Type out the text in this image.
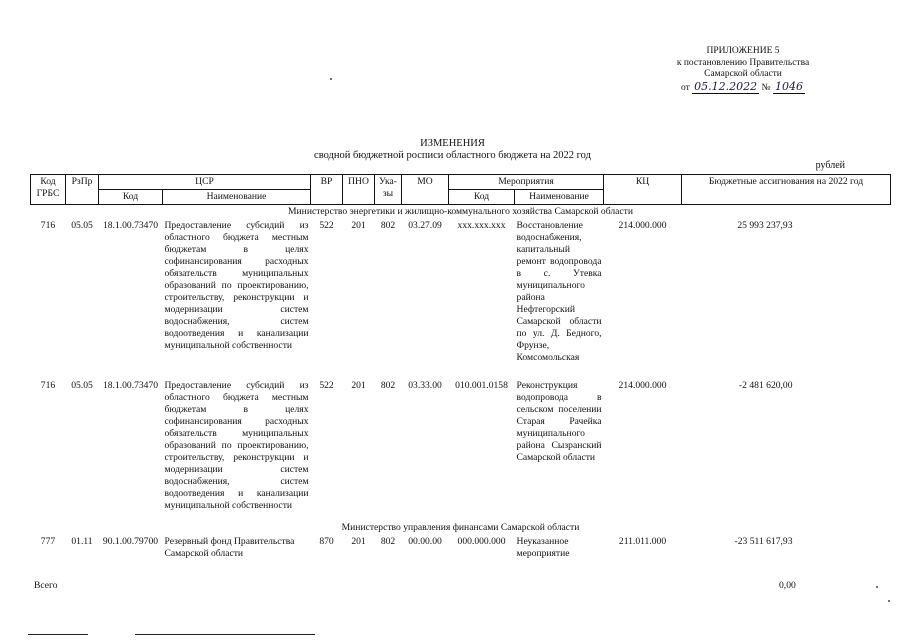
ПРИЛОЖЕНИЕ 5
к постановлению Правительства
Самарской области
от 05.12.2022 № 1046
ИЗМЕНЕНИЯ
сводной бюджетной росписи областного бюджета на 2022 год
рублей
Код ГРБС	РзПр	ЦСР		ВР	ПНО	Ука-зы	МО	Мероприятия		КЦ	Бюджетные ассигнования на 2022 год
		Код	Наименование					Код	Наименование		
Министерство энергетики и жилищно-коммунального хозяйства Самарской области											
716	05.05	18.1.00.73470	Предоставление субсидий из областного бюджета местным бюджетам в целях софинансирования расходных обязательств муниципальных образований по проектированию, строительству, реконструкции и модернизации систем водоснабжения, систем водоотведения и канализации муниципальной собственности	522	201	802	03.27.09	ххх.ххх.ххх	Восстановление водоснабжения, капитальный ремонт водопровода в с. Утевка муниципального района Нефтегорский Самарской области по ул. Д. Бедного, Фрунзе, Комсомольская	214.000.000	25 993 237,93
716	05.05	18.1.00.73470	Предоставление субсидий из областного бюджета местным бюджетам в целях софинансирования расходных обязательств муниципальных образований по проектированию, строительству, реконструкции и модернизации систем водоснабжения, систем водоотведения и канализации муниципальной собственности	522	201	802	03.33.00	010.001.0158	Реконструкция водопровода в сельском поселении Старая Рачейка муниципального района Сызранский Самарской области	214.000.000	-2 481 620,00
Министерство управления финансами Самарской области											
777	01.11	90.1.00.79700	Резервный фонд Правительства Самарской области	870	201	802	00.00.00	000.000.000	Неуказанное мероприятие	211.011.000	-23 511 617,93
Всего	0,00
